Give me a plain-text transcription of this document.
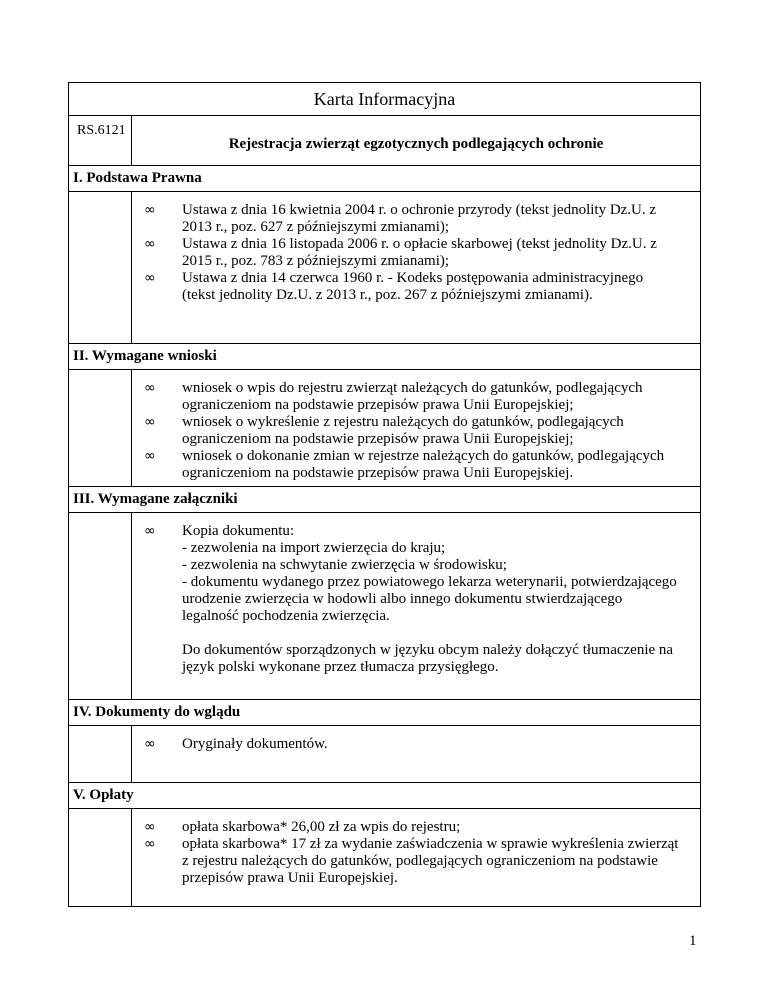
Karta Informacyjna
RS.6121
Rejestracja zwierząt egzotycznych podlegających ochronie
I. Podstawa Prawna
∞	Ustawa z dnia 16 kwietnia 2004 r. o ochronie przyrody (tekst jednolity Dz.U. z
2013 r., poz. 627 z późniejszymi zmianami);
∞	Ustawa z dnia 16 listopada 2006 r. o opłacie skarbowej (tekst jednolity Dz.U. z
2015 r., poz. 783 z późniejszymi zmianami);
∞	Ustawa z dnia 14 czerwca 1960 r. - Kodeks postępowania administracyjnego
(tekst jednolity Dz.U. z 2013 r., poz. 267 z późniejszymi zmianami).
II. Wymagane wnioski
∞	wniosek o wpis do rejestru zwierząt należących do gatunków, podlegających
ograniczeniom na podstawie przepisów prawa Unii Europejskiej;
∞	wniosek o wykreślenie z rejestru należących do gatunków, podlegających
ograniczeniom na podstawie przepisów prawa Unii Europejskiej;
∞	wniosek o dokonanie zmian w rejestrze należących do gatunków, podlegających
ograniczeniom na podstawie przepisów prawa Unii Europejskiej.
III. Wymagane załączniki
∞	Kopia dokumentu:
- zezwolenia na import zwierzęcia do kraju;
- zezwolenia na schwytanie zwierzęcia w środowisku;
- dokumentu wydanego przez powiatowego lekarza weterynarii, potwierdzającego
urodzenie zwierzęcia w hodowli albo innego dokumentu stwierdzającego
legalność pochodzenia zwierzęcia.
Do dokumentów sporządzonych w języku obcym należy dołączyć tłumaczenie na
język polski wykonane przez tłumacza przysięgłego.
IV. Dokumenty do wglądu
∞	Oryginały dokumentów.
V. Opłaty
∞	opłata skarbowa* 26,00 zł za wpis do rejestru;
∞	opłata skarbowa* 17 zł za wydanie zaświadczenia w sprawie wykreślenia zwierząt
z rejestru należących do gatunków, podlegających ograniczeniom na podstawie
przepisów prawa Unii Europejskiej.
1
